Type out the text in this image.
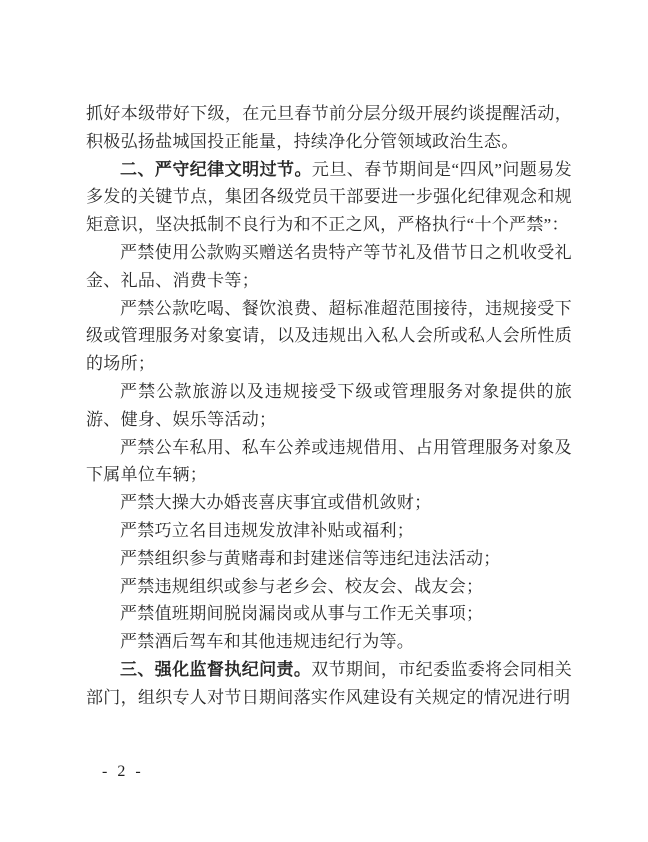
抓好本级带好下级，在元旦春节前分层分级开展约谈提醒活动，积极弘扬盐城国投正能量，持续净化分管领域政治生态。

二、严守纪律文明过节。元旦、春节期间是“四风”问题易发多发的关键节点，集团各级党员干部要进一步强化纪律观念和规矩意识，坚决抵制不良行为和不正之风，严格执行“十个严禁”：

严禁使用公款购买赠送名贵特产等节礼及借节日之机收受礼金、礼品、消费卡等；

严禁公款吃喝、餐饮浪费、超标准超范围接待，违规接受下级或管理服务对象宴请，以及违规出入私人会所或私人会所性质的场所；

严禁公款旅游以及违规接受下级或管理服务对象提供的旅游、健身、娱乐等活动；

严禁公车私用、私车公养或违规借用、占用管理服务对象及下属单位车辆；

严禁大操大办婚丧喜庆事宜或借机敛财；

严禁巧立名目违规发放津补贴或福利；

严禁组织参与黄赌毒和封建迷信等违纪违法活动；

严禁违规组织或参与老乡会、校友会、战友会；

严禁值班期间脱岗漏岗或从事与工作无关事项；

严禁酒后驾车和其他违规违纪行为等。

三、强化监督执纪问责。双节期间，市纪委监委将会同相关部门，组织专人对节日期间落实作风建设有关规定的情况进行明

- 2 -
